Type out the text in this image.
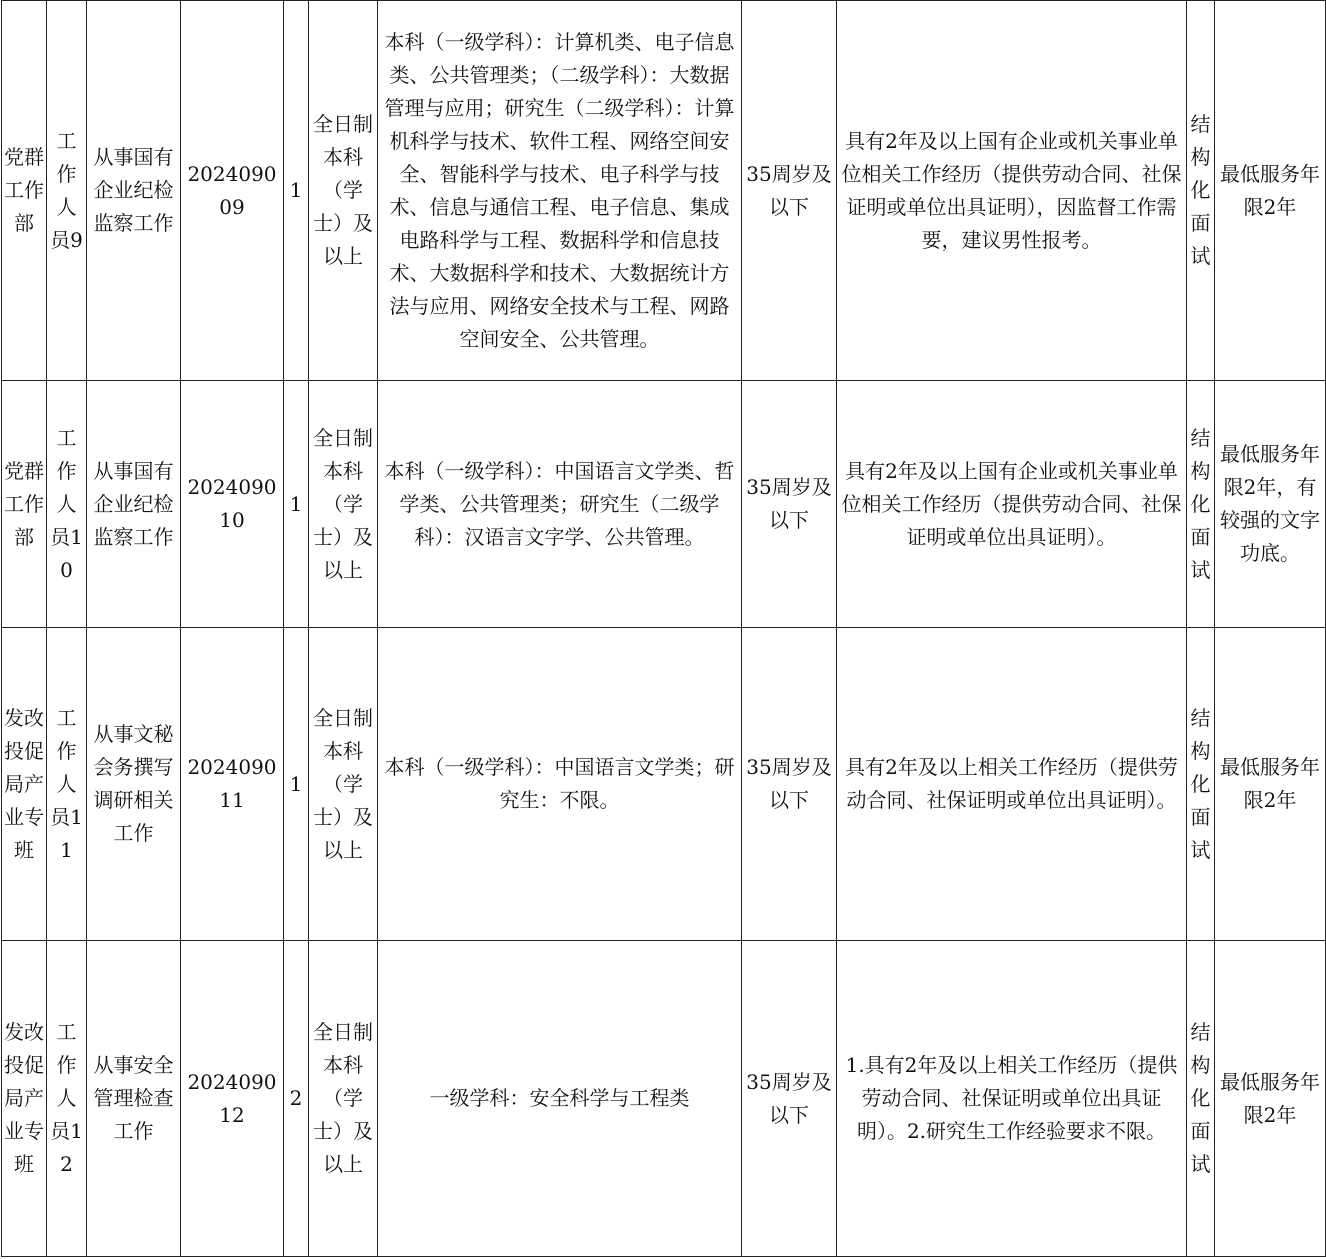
党群工作部	工作人员9	从事国有企业纪检监察工作	202409009	1	全日制本科（学士）及以上	本科（一级学科）：计算机类、电子信息类、公共管理类；（二级学科）：大数据管理与应用；研究生（二级学科）：计算机科学与技术、软件工程、网络空间安全、智能科学与技术、电子科学与技术、信息与通信工程、电子信息、集成电路科学与工程、数据科学和信息技术、大数据科学和技术、大数据统计方法与应用、网络安全技术与工程、网路空间安全、公共管理。	35周岁及以下	具有2年及以上国有企业或机关事业单位相关工作经历（提供劳动合同、社保证明或单位出具证明），因监督工作需要，建议男性报考。	结构化面试	最低服务年限2年
党群工作部	工作人员10	从事国有企业纪检监察工作	202409010	1	全日制本科（学士）及以上	本科（一级学科）：中国语言文学类、哲学类、公共管理类；研究生（二级学科）：汉语言文字学、公共管理。	35周岁及以下	具有2年及以上国有企业或机关事业单位相关工作经历（提供劳动合同、社保证明或单位出具证明）。	结构化面试	最低服务年限2年，有较强的文字功底。
发改投促局产业专班	工作人员11	从事文秘会务撰写调研相关工作	202409011	1	全日制本科（学士）及以上	本科（一级学科）：中国语言文学类；研究生：不限。	35周岁及以下	具有2年及以上相关工作经历（提供劳动合同、社保证明或单位出具证明）。	结构化面试	最低服务年限2年
发改投促局产业专班	工作人员12	从事安全管理检查工作	202409012	2	全日制本科（学士）及以上	一级学科：安全科学与工程类	35周岁及以下	1.具有2年及以上相关工作经历（提供劳动合同、社保证明或单位出具证明）。2.研究生工作经验要求不限。	结构化面试	最低服务年限2年
